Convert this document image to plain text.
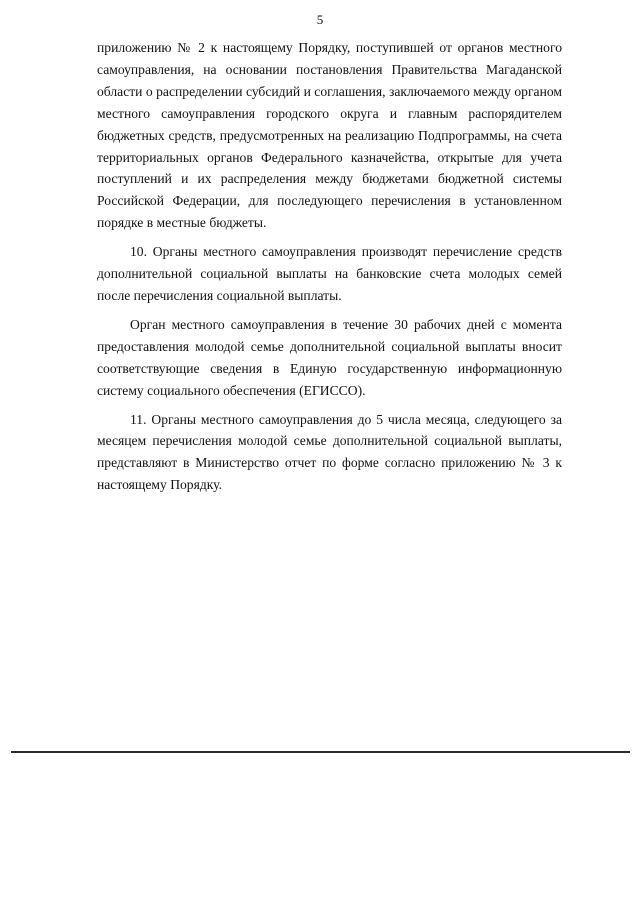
5

приложению № 2 к настоящему Порядку, поступившей от органов местного самоуправления, на основании постановления Правительства Магаданской области о распределении субсидий и соглашения, заключаемого между органом местного самоуправления городского округа и главным распорядителем бюджетных средств, предусмотренных на реализацию Подпрограммы, на счета территориальных органов Федерального казначейства, открытые для учета поступлений и их распределения между бюджетами бюджетной системы Российской Федерации, для последующего перечисления в установленном порядке в местные бюджеты.

10. Органы местного самоуправления производят перечисление средств дополнительной социальной выплаты на банковские счета молодых семей после перечисления социальной выплаты.

Орган местного самоуправления в течение 30 рабочих дней с момента предоставления молодой семье дополнительной социальной выплаты вносит соответствующие сведения в Единую государственную информационную систему социального обеспечения (ЕГИССО).

11. Органы местного самоуправления до 5 числа месяца, следующего за месяцем перечисления молодой семье дополнительной социальной выплаты, представляют в Министерство отчет по форме согласно приложению № 3 к настоящему Порядку.
